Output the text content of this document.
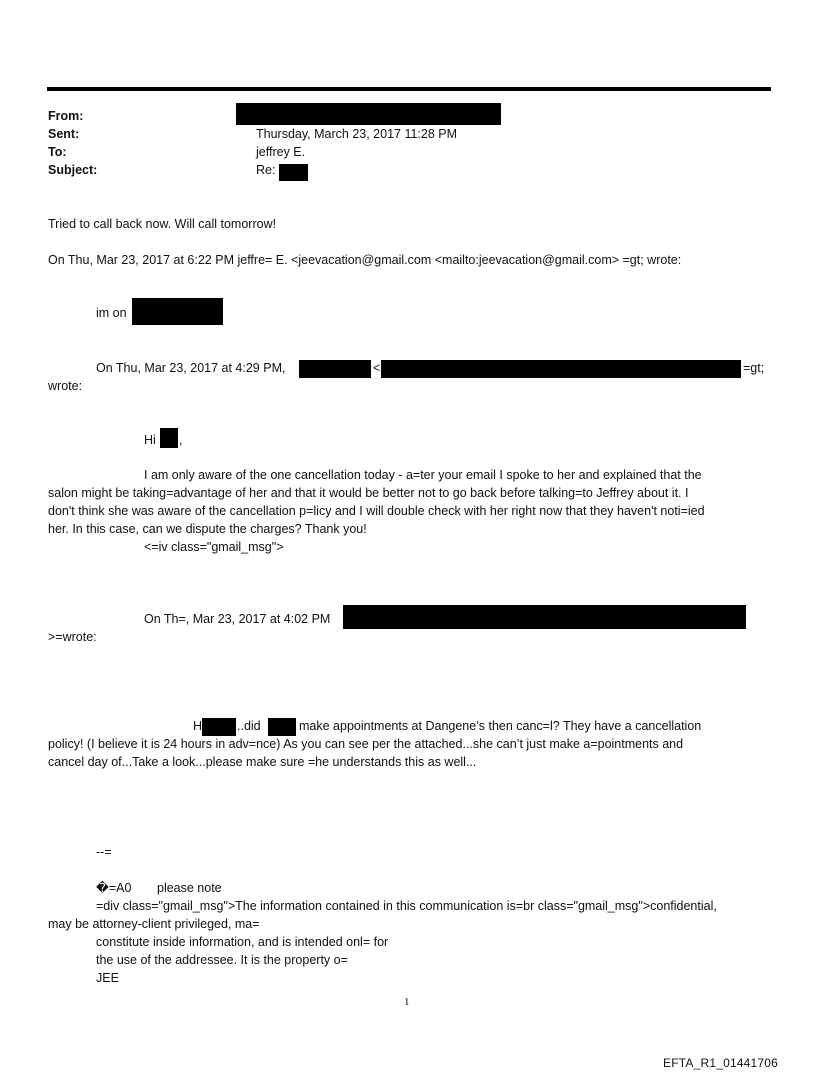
From:
Sent:	Thursday, March 23, 2017 11:28 PM
To:	jeffrey E.
Subject:	Re:
Tried to call back now. Will call tomorrow!
On Thu, Mar 23, 2017 at 6:22 PM jeffre= E. <jeevacation@gmail.com <mailto:jeevacation@gmail.com> =gt; wrote:
im on
On Thu, Mar 23, 2017 at 4:29 PM,	<	=gt;
wrote:
Hi ,
I am only aware of the one cancellation today - a=ter your email I spoke to her and explained that the
salon might be taking=advantage of her and that it would be better not to go back before talking=to Jeffrey about it. I
don't think she was aware of the cancellation p=licy and I will double check with her right now that they haven't noti=ied
her. In this case, can we dispute the charges? Thank you!
<=iv class="gmail_msg">
On Th=, Mar 23, 2017 at 4:02 PM
>=wrote:
H	..did	make appointments at Dangene’s then canc=l? They have a cancellation
policy! (I believe it is 24 hours in adv=nce) As you can see per the attached...she can’t just make a=pointments and
cancel day of...Take a look...please make sure =he understands this as well...
--=
�=A0 please note
=div class="gmail_msg">The information contained in this communication is=br class="gmail_msg">confidential,
may be attorney-client privileged, ma=
constitute inside information, and is intended onl= for
the use of the addressee. It is the property o=
JEE
1
EFTA_R1_01441706
